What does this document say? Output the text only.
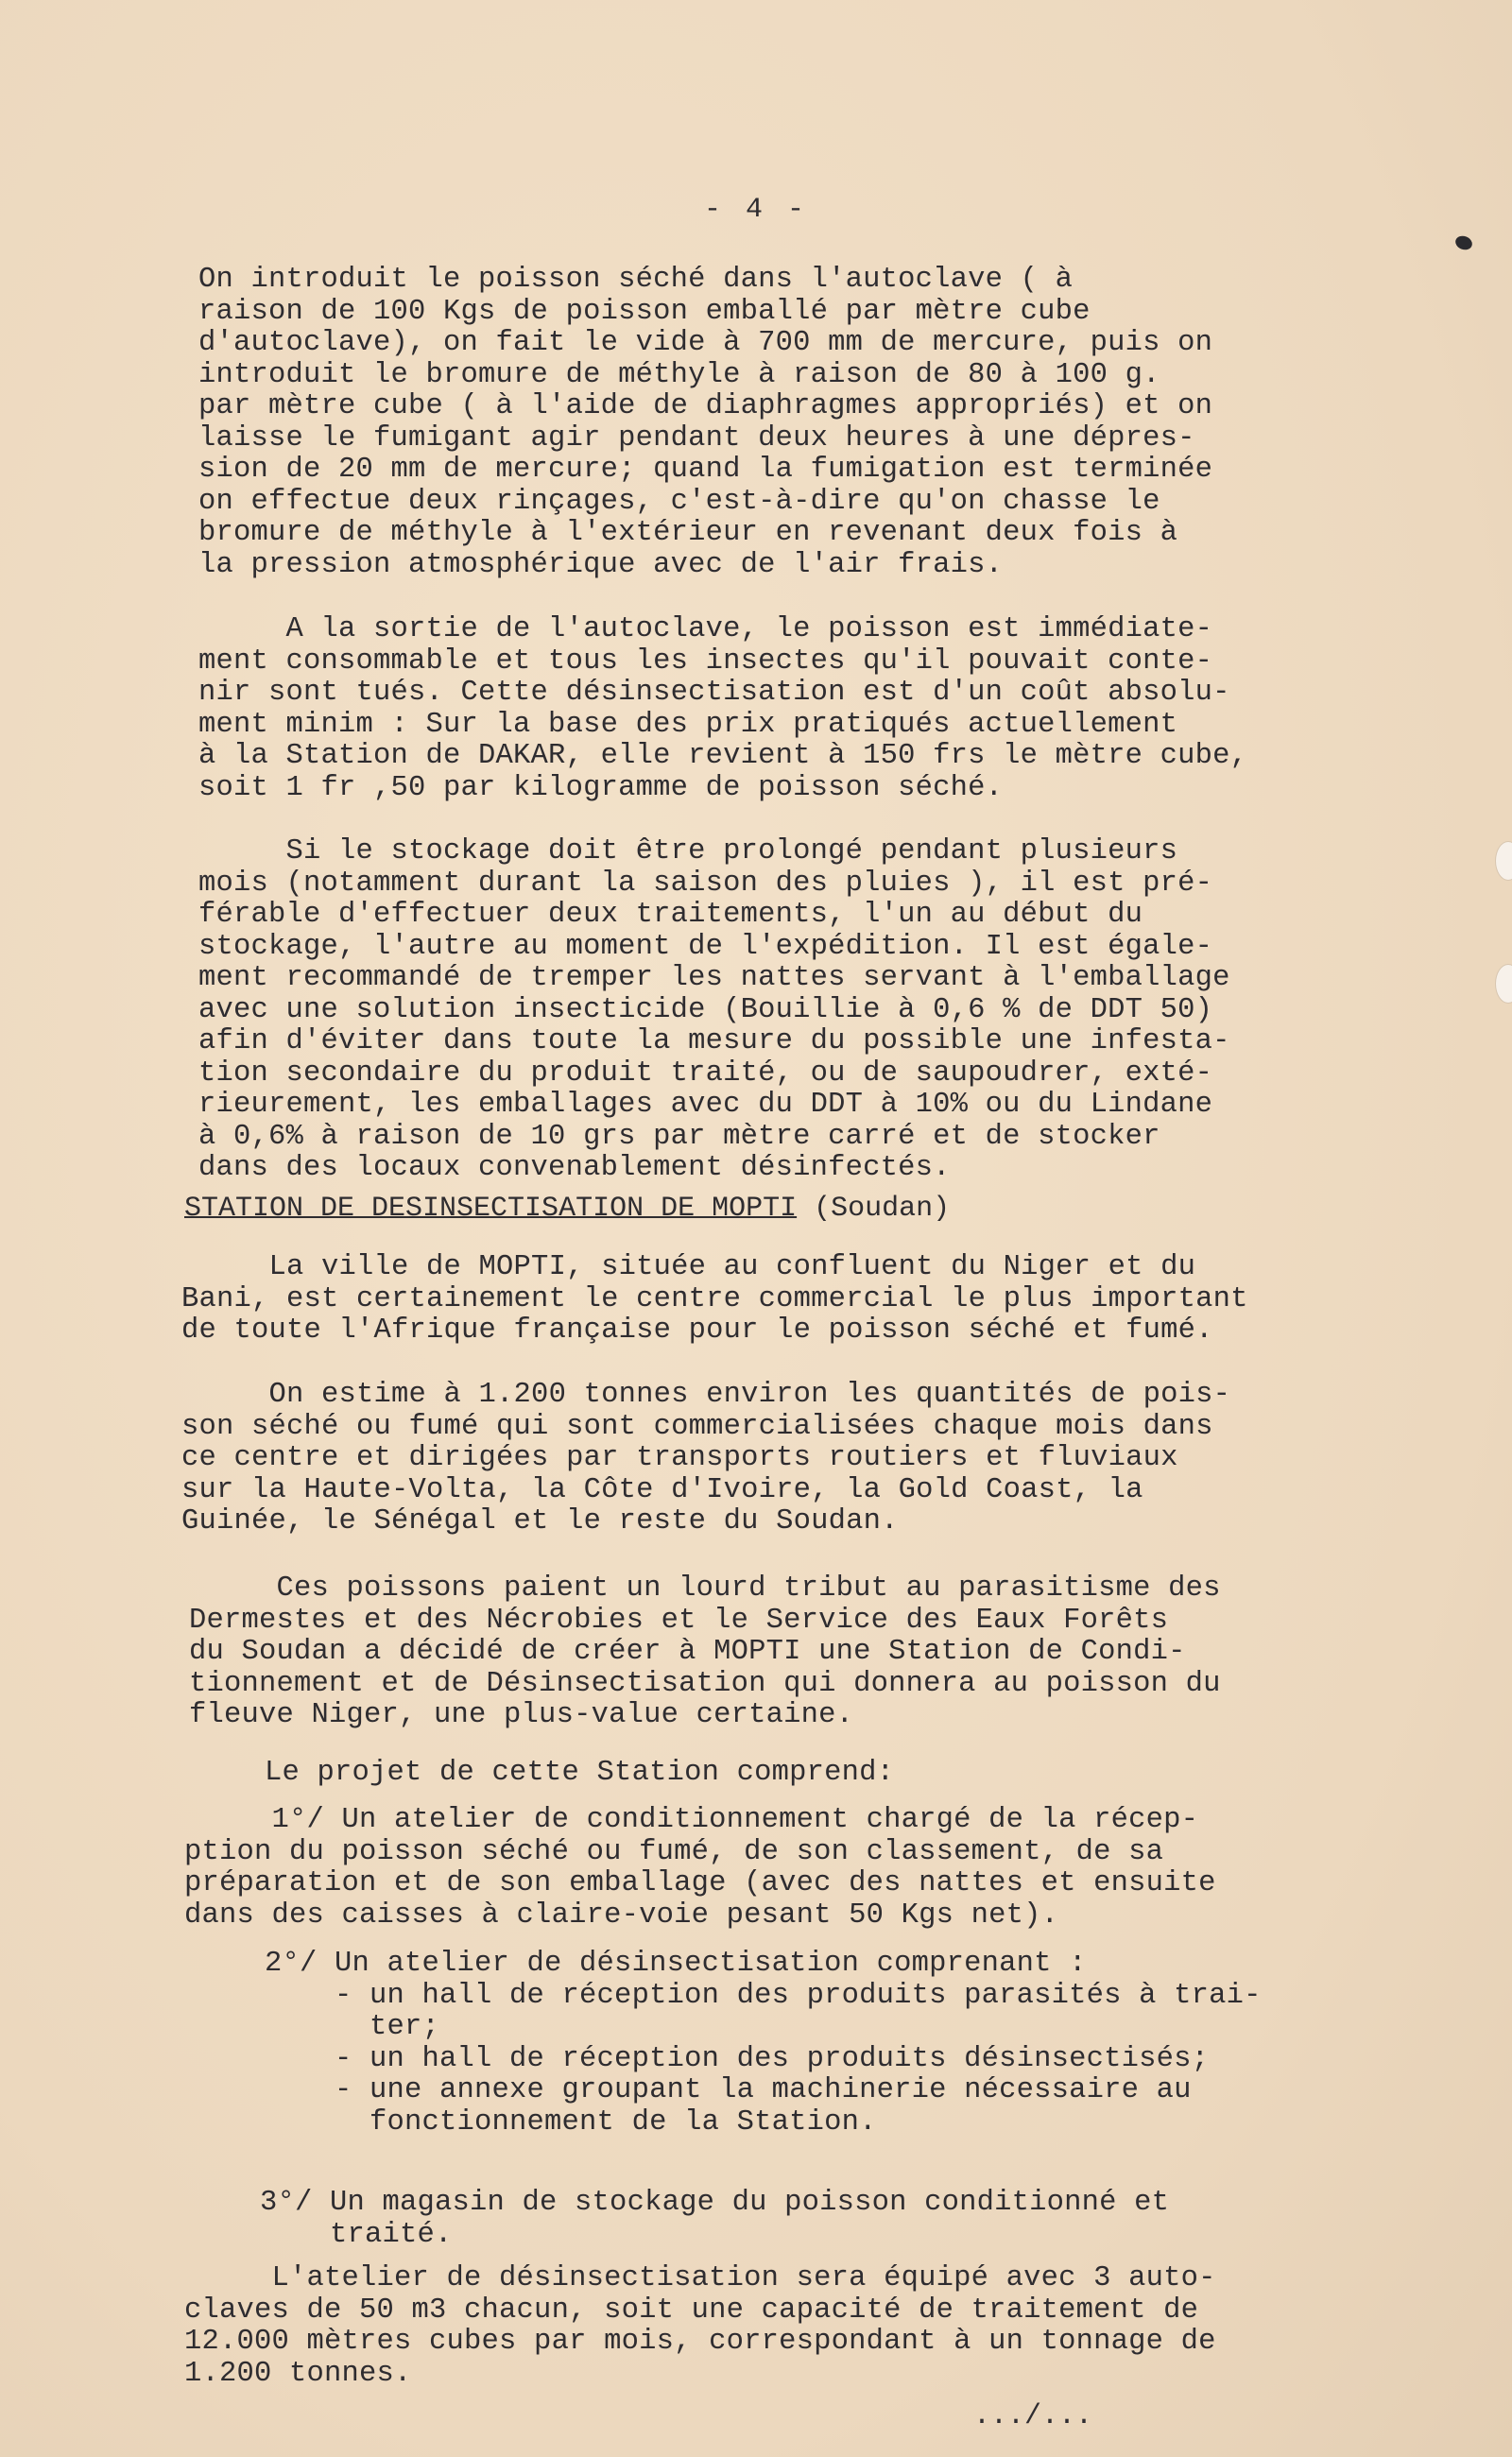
- 4 -
On introduit le poisson séché dans l'autoclave ( à
raison de 100 Kgs de poisson emballé par mètre cube
d'autoclave), on fait le vide à 700 mm de mercure, puis on
introduit le bromure de méthyle à raison de 80 à 100 g.
par mètre cube ( à l'aide de diaphragmes appropriés) et on
laisse le fumigant agir pendant deux heures à une dépres-
sion de 20 mm de mercure; quand la fumigation est terminée
on effectue deux rinçages, c'est-à-dire qu'on chasse le
bromure de méthyle à l'extérieur en revenant deux fois à
la pression atmosphérique avec de l'air frais.
A la sortie de l'autoclave, le poisson est immédiate-
ment consommable et tous les insectes qu'il pouvait conte-
nir sont tués. Cette désinsectisation est d'un coût absolu-
ment minim : Sur la base des prix pratiqués actuellement
à la Station de DAKAR, elle revient à 150 frs le mètre cube,
soit 1 fr ,50 par kilogramme de poisson séché.
Si le stockage doit être prolongé pendant plusieurs
mois (notamment durant la saison des pluies ), il est pré-
férable d'effectuer deux traitements, l'un au début du
stockage, l'autre au moment de l'expédition. Il est égale-
ment recommandé de tremper les nattes servant à l'emballage
avec une solution insecticide (Bouillie à 0,6 % de DDT 50)
afin d'éviter dans toute la mesure du possible une infesta-
tion secondaire du produit traité, ou de saupoudrer, exté-
rieurement, les emballages avec du DDT à 10% ou du Lindane
à 0,6% à raison de 10 grs par mètre carré et de stocker
dans des locaux convenablement désinfectés.
STATION DE DESINSECTISATION DE MOPTI (Soudan)
La ville de MOPTI, située au confluent du Niger et du
Bani, est certainement le centre commercial le plus important
de toute l'Afrique française pour le poisson séché et fumé.
On estime à 1.200 tonnes environ les quantités de pois-
son séché ou fumé qui sont commercialisées chaque mois dans
ce centre et dirigées par transports routiers et fluviaux
sur la Haute-Volta, la Côte d'Ivoire, la Gold Coast, la
Guinée, le Sénégal et le reste du Soudan.
Ces poissons paient un lourd tribut au parasitisme des
Dermestes et des Nécrobies et le Service des Eaux Forêts
du Soudan a décidé de créer à MOPTI une Station de Condi-
tionnement et de Désinsectisation qui donnera au poisson du
fleuve Niger, une plus-value certaine.
Le projet de cette Station comprend:
1°/ Un atelier de conditionnement chargé de la récep-
ption du poisson séché ou fumé, de son classement, de sa
préparation et de son emballage (avec des nattes et ensuite
dans des caisses à claire-voie pesant 50 Kgs net).
2°/ Un atelier de désinsectisation comprenant :
- un hall de réception des produits parasités à trai-
ter;
- un hall de réception des produits désinsectisés;
- une annexe groupant la machinerie nécessaire au
fonctionnement de la Station.
3°/ Un magasin de stockage du poisson conditionné et
traité.
L'atelier de désinsectisation sera équipé avec 3 auto-
claves de 50 m3 chacun, soit une capacité de traitement de
12.000 mètres cubes par mois, correspondant à un tonnage de
1.200 tonnes.
.../...
